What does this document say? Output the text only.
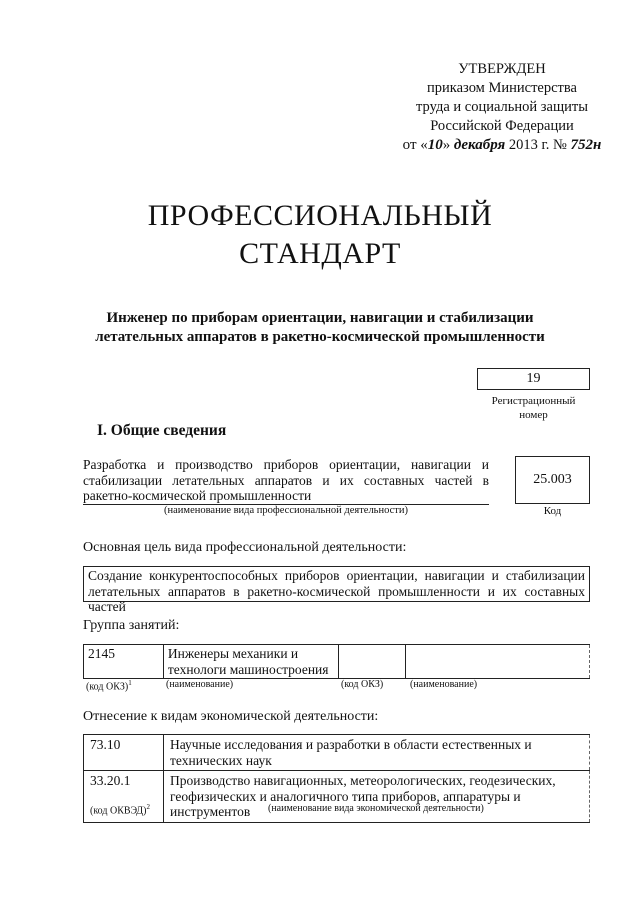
УТВЕРЖДЕН
приказом Министерства
труда и социальной защиты
Российской Федерации
от «10» декабря 2013 г. № 752н
ПРОФЕССИОНАЛЬНЫЙ
СТАНДАРТ
Инженер по приборам ориентации, навигации и стабилизации
летательных аппаратов в ракетно-космической промышленности
19
Регистрационный
номер
I. Общие сведения
Разработка и производство приборов ориентации, навигации и стабилизации летательных аппаратов и их составных частей в ракетно-космической промышленности
(наименование вида профессиональной деятельности)
25.003
Код
Основная цель вида профессиональной деятельности:
Создание конкурентоспособных приборов ориентации, навигации и стабилизации летательных аппаратов в ракетно-космической промышленности и их составных частей
Группа занятий:
2145	Инженеры механики и технологи машиностроения		
(код ОКЗ)$^1$	(наименование)	(код ОКЗ)	(наименование)
Отнесение к видам экономической деятельности:
73.10	Научные исследования и разработки в области естественных и технических наук
33.20.1	Производство навигационных, метеорологических, геодезических, геофизических и аналогичного типа приборов, аппаратуры и инструментов
(код ОКВЭД)$^2$	(наименование вида экономической деятельности)
